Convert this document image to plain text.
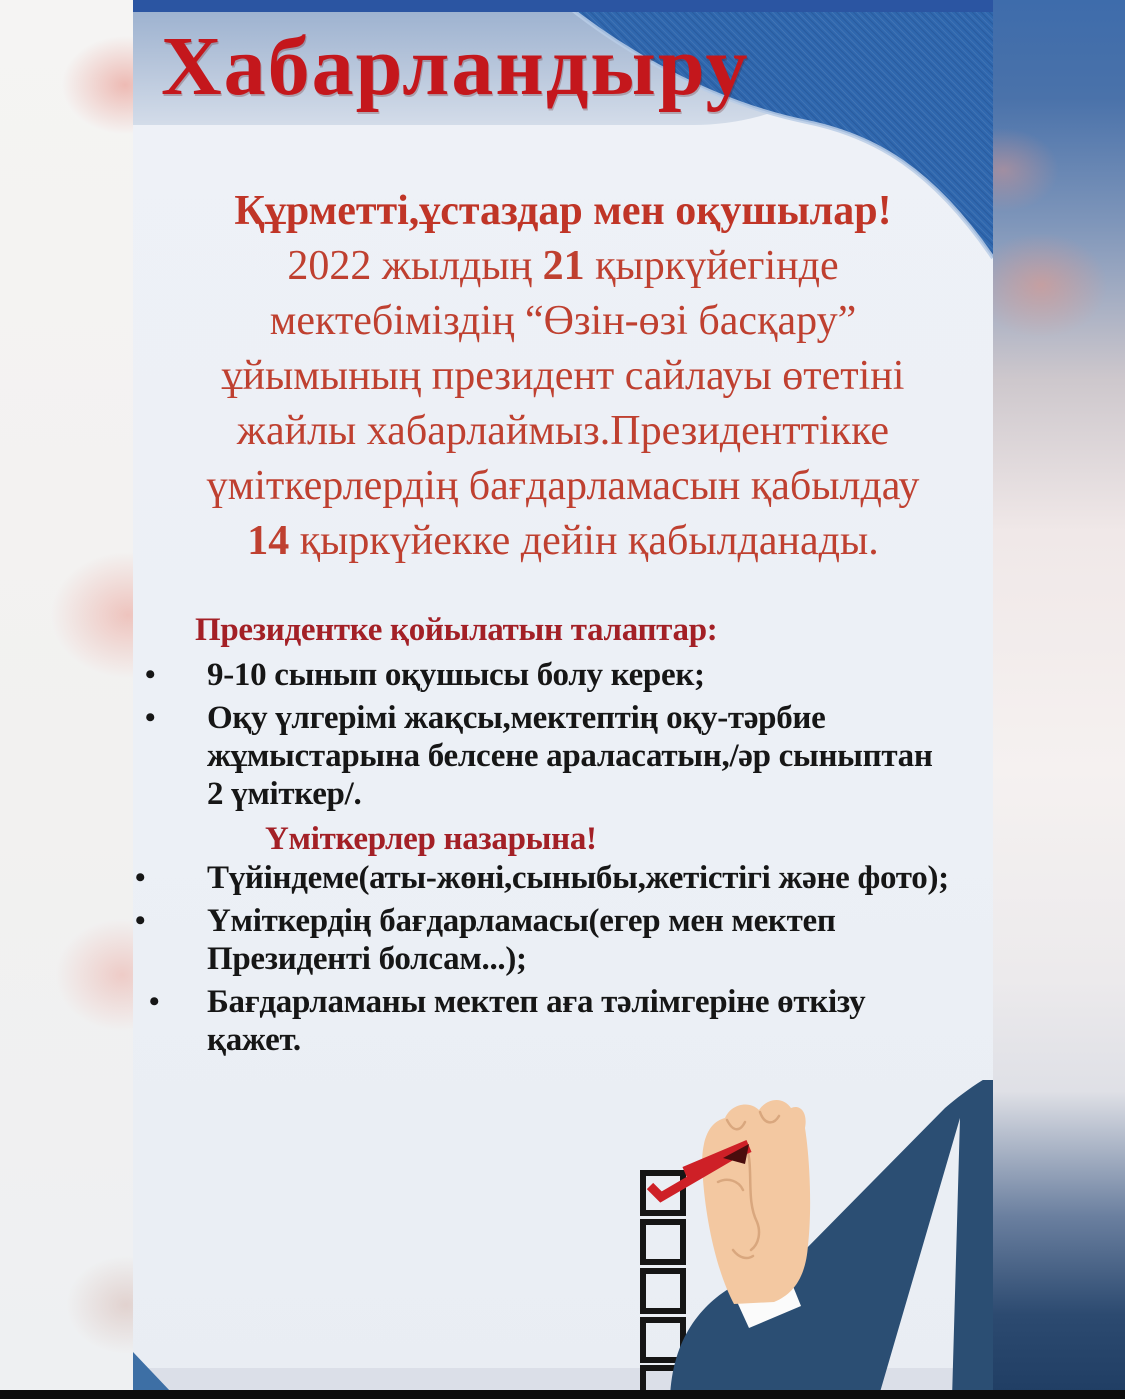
Хабарландыру
Құрметті,ұстаздар мен оқушылар!
2022 жылдың 21 қыркүйегінде
мектебіміздің “Өзін-өзі басқару”
ұйымының президент сайлауы өтетіні
жайлы хабарлаймыз.Президенттікке
үміткерлердің бағдарламасын қабылдау
14 қыркүйекке дейін қабылданады.
Президентке қойылатын талаптар:
• 9-10 сынып оқушысы болу керек;
• Оқу үлгерімі жақсы,мектептің оқу-тәрбие
жұмыстарына белсене араласатын,/әр сыныптан
2 үміткер/.
Үміткерлер назарына!
• Түйіндеме(аты-жөні,сыныбы,жетістігі және фото);
• Үміткердің бағдарламасы(егер мен мектеп
Президенті болсам...);
• Бағдарламаны мектеп аға тәлімгеріне өткізу
қажет.
